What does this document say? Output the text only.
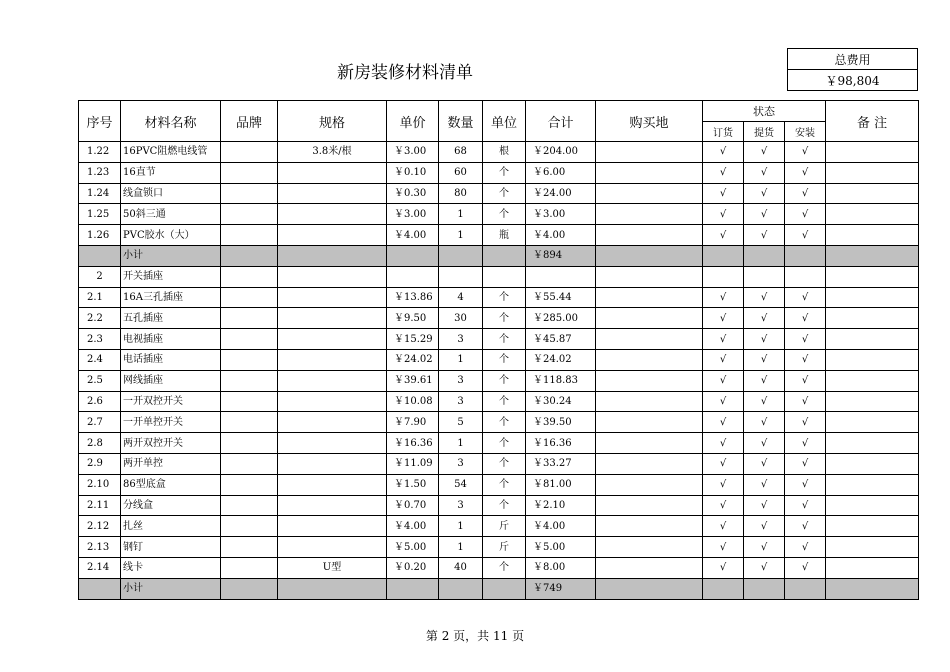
新房装修材料清单
总费用
￥98,804
序号	材料名称	品牌	规格	单价	数量	单位	合计	购买地	状态			备 注
									订货	提货	安装	
1.22	16PVC阻燃电线管		3.8米/根	￥3.00	68	根	￥204.00		√	√	√	
1.23	16直节			￥0.10	60	个	￥6.00		√	√	√	
1.24	线盒锁口			￥0.30	80	个	￥24.00		√	√	√	
1.25	50斜三通			￥3.00	1	个	￥3.00		√	√	√	
1.26	PVC胶水（大）			￥4.00	1	瓶	￥4.00		√	√	√	
	小计						￥894					
2	开关插座											
2.1	16A三孔插座			￥13.86	4	个	￥55.44		√	√	√	
2.2	五孔插座			￥9.50	30	个	￥285.00		√	√	√	
2.3	电视插座			￥15.29	3	个	￥45.87		√	√	√	
2.4	电话插座			￥24.02	1	个	￥24.02		√	√	√	
2.5	网线插座			￥39.61	3	个	￥118.83		√	√	√	
2.6	一开双控开关			￥10.08	3	个	￥30.24		√	√	√	
2.7	一开单控开关			￥7.90	5	个	￥39.50		√	√	√	
2.8	两开双控开关			￥16.36	1	个	￥16.36		√	√	√	
2.9	两开单控			￥11.09	3	个	￥33.27		√	√	√	
2.10	86型底盒			￥1.50	54	个	￥81.00		√	√	√	
2.11	分线盒			￥0.70	3	个	￥2.10		√	√	√	
2.12	扎丝			￥4.00	1	斤	￥4.00		√	√	√	
2.13	钢钉			￥5.00	1	斤	￥5.00		√	√	√	
2.14	线卡		U型	￥0.20	40	个	￥8.00		√	√	√	
	小计						￥749					
第 2 页，共 11 页
